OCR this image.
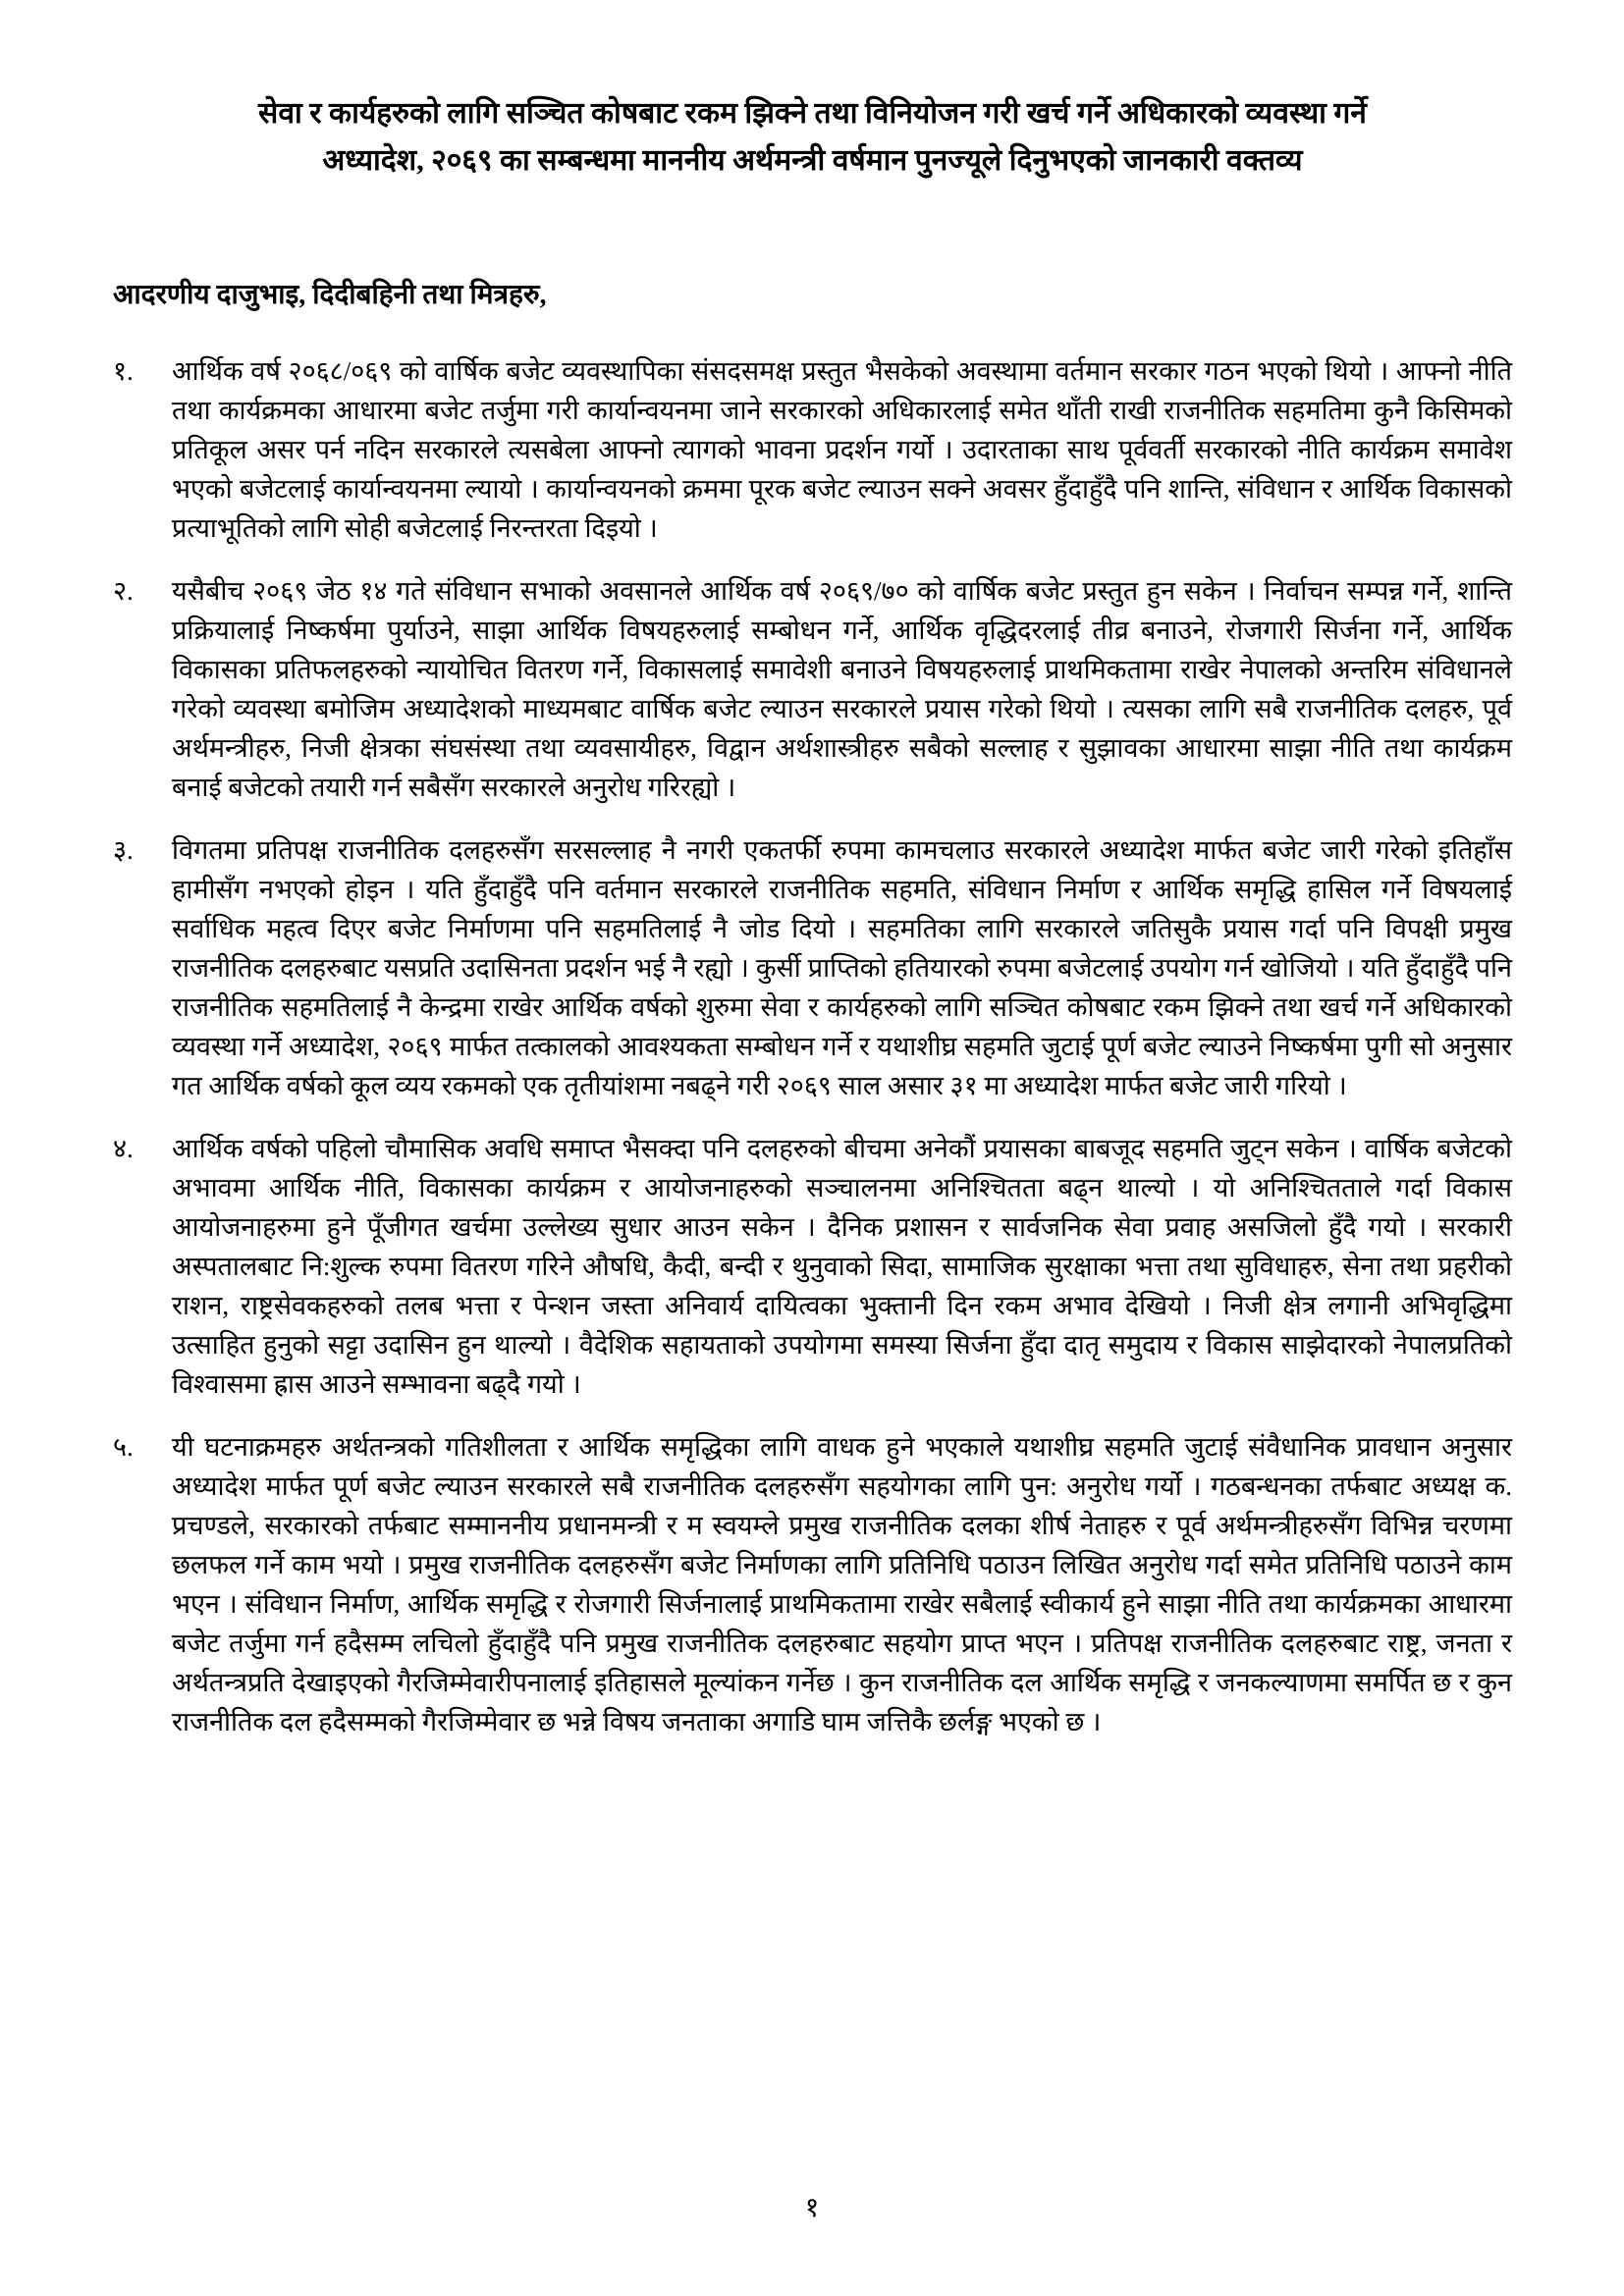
सेवा र कार्यहरुको लागि सञ्चित कोषबाट रकम झिक्ने तथा विनियोजन गरी खर्च गर्ने अधिकारको व्यवस्था गर्ने
अध्यादेश, २०६९ का सम्बन्धमा माननीय अर्थमन्त्री वर्षमान पुनज्यूले दिनुभएको जानकारी वक्तव्य
आदरणीय दाजुभाइ, दिदीबहिनी तथा मित्रहरु,
१.	आर्थिक वर्ष २०६८/०६९ को वार्षिक बजेट व्यवस्थापिका संसदसमक्ष प्रस्तुत भैसकेको अवस्थामा वर्तमान सरकार गठन भएको थियो । आफ्नो नीति तथा कार्यक्रमका आधारमा बजेट तर्जुमा गरी कार्यान्वयनमा जाने सरकारको अधिकारलाई समेत थाँती राखी राजनीतिक सहमतिमा कुनै किसिमको प्रतिकूल असर पर्न नदिन सरकारले त्यसबेला आफ्नो त्यागको भावना प्रदर्शन गर्यो । उदारताका साथ पूर्ववर्ती सरकारको नीति कार्यक्रम समावेश भएको बजेटलाई कार्यान्वयनमा ल्यायो । कार्यान्वयनको क्रममा पूरक बजेट ल्याउन सक्ने अवसर हुँदाहुँदै पनि शान्ति, संविधान र आर्थिक विकासको प्रत्याभूतिको लागि सोही बजेटलाई निरन्तरता दिइयो ।
२.	यसैबीच २०६९ जेठ १४ गते संविधान सभाको अवसानले आर्थिक वर्ष २०६९/७० को वार्षिक बजेट प्रस्तुत हुन सकेन । निर्वाचन सम्पन्न गर्ने, शान्ति प्रक्रियालाई निष्कर्षमा पुर्याउने, साझा आर्थिक विषयहरुलाई सम्बोधन गर्ने, आर्थिक वृद्धिदरलाई तीव्र बनाउने, रोजगारी सिर्जना गर्ने, आर्थिक विकासका प्रतिफलहरुको न्यायोचित वितरण गर्ने, विकासलाई समावेशी बनाउने विषयहरुलाई प्राथमिकतामा राखेर नेपालको अन्तरिम संविधानले गरेको व्यवस्था बमोजिम अध्यादेशको माध्यमबाट वार्षिक बजेट ल्याउन सरकारले प्रयास गरेको थियो । त्यसका लागि सबै राजनीतिक दलहरु, पूर्व अर्थमन्त्रीहरु, निजी क्षेत्रका संघसंस्था तथा व्यवसायीहरु, विद्वान अर्थशास्त्रीहरु सबैको सल्लाह र सुझावका आधारमा साझा नीति तथा कार्यक्रम बनाई बजेटको तयारी गर्न सबैसँग सरकारले अनुरोध गरिरह्यो ।
३.	विगतमा प्रतिपक्ष राजनीतिक दलहरुसँग सरसल्लाह नै नगरी एकतर्फी रुपमा कामचलाउ सरकारले अध्यादेश मार्फत बजेट जारी गरेको इतिहाँस हामीसँग नभएको होइन । यति हुँदाहुँदै पनि वर्तमान सरकारले राजनीतिक सहमति, संविधान निर्माण र आर्थिक समृद्धि हासिल गर्ने विषयलाई सर्वाधिक महत्व दिएर बजेट निर्माणमा पनि सहमतिलाई नै जोड दियो । सहमतिका लागि सरकारले जतिसुकै प्रयास गर्दा पनि विपक्षी प्रमुख राजनीतिक दलहरुबाट यसप्रति उदासिनता प्रदर्शन भई नै रह्यो । कुर्सी प्राप्तिको हतियारको रुपमा बजेटलाई उपयोग गर्न खोजियो । यति हुँदाहुँदै पनि राजनीतिक सहमतिलाई नै केन्द्रमा राखेर आर्थिक वर्षको शुरुमा सेवा र कार्यहरुको लागि सञ्चित कोषबाट रकम झिक्ने तथा खर्च गर्ने अधिकारको व्यवस्था गर्ने अध्यादेश, २०६९ मार्फत तत्कालको आवश्यकता सम्बोधन गर्ने र यथाशीघ्र सहमति जुटाई पूर्ण बजेट ल्याउने निष्कर्षमा पुगी सो अनुसार गत आर्थिक वर्षको कूल व्यय रकमको एक तृतीयांशमा नबढ्ने गरी २०६९ साल असार ३१ मा अध्यादेश मार्फत बजेट जारी गरियो ।
४.	आर्थिक वर्षको पहिलो चौमासिक अवधि समाप्त भैसक्दा पनि दलहरुको बीचमा अनेकौं प्रयासका बाबजूद सहमति जुट्न सकेन । वार्षिक बजेटको अभावमा आर्थिक नीति, विकासका कार्यक्रम र आयोजनाहरुको सञ्चालनमा अनिश्चितता बढ्न थाल्यो । यो अनिश्चितताले गर्दा विकास आयोजनाहरुमा हुने पूँजीगत खर्चमा उल्लेख्य सुधार आउन सकेन । दैनिक प्रशासन र सार्वजनिक सेवा प्रवाह असजिलो हुँदै गयो । सरकारी अस्पतालबाट नि:शुल्क रुपमा वितरण गरिने औषधि, कैदी, बन्दी र थुनुवाको सिदा, सामाजिक सुरक्षाका भत्ता तथा सुविधाहरु, सेना तथा प्रहरीको राशन, राष्ट्रसेवकहरुको तलब भत्ता र पेन्शन जस्ता अनिवार्य दायित्वका भुक्तानी दिन रकम अभाव देखियो । निजी क्षेत्र लगानी अभिवृद्धिमा उत्साहित हुनुको सट्टा उदासिन हुन थाल्यो । वैदेशिक सहायताको उपयोगमा समस्या सिर्जना हुँदा दातृ समुदाय र विकास साझेदारको नेपालप्रतिको विश्वासमा ह्रास आउने सम्भावना बढ्दै गयो ।
५.	यी घटनाक्रमहरु अर्थतन्त्रको गतिशीलता र आर्थिक समृद्धिका लागि वाधक हुने भएकाले यथाशीघ्र सहमति जुटाई संवैधानिक प्रावधान अनुसार अध्यादेश मार्फत पूर्ण बजेट ल्याउन सरकारले सबै राजनीतिक दलहरुसँग सहयोगका लागि पुन: अनुरोध गर्यो । गठबन्धनका तर्फबाट अध्यक्ष क. प्रचण्डले, सरकारको तर्फबाट सम्माननीय प्रधानमन्त्री र म स्वयम्ले प्रमुख राजनीतिक दलका शीर्ष नेताहरु र पूर्व अर्थमन्त्रीहरुसँग विभिन्न चरणमा छलफल गर्ने काम भयो । प्रमुख राजनीतिक दलहरुसँग बजेट निर्माणका लागि प्रतिनिधि पठाउन लिखित अनुरोध गर्दा समेत प्रतिनिधि पठाउने काम भएन । संविधान निर्माण, आर्थिक समृद्धि र रोजगारी सिर्जनालाई प्राथमिकतामा राखेर सबैलाई स्वीकार्य हुने साझा नीति तथा कार्यक्रमका आधारमा बजेट तर्जुमा गर्न हदैसम्म लचिलो हुँदाहुँदै पनि प्रमुख राजनीतिक दलहरुबाट सहयोग प्राप्त भएन । प्रतिपक्ष राजनीतिक दलहरुबाट राष्ट्र, जनता र अर्थतन्त्रप्रति देखाइएको गैरजिम्मेवारीपनालाई इतिहासले मूल्यांकन गर्नेछ । कुन राजनीतिक दल आर्थिक समृद्धि र जनकल्याणमा समर्पित छ र कुन राजनीतिक दल हदैसम्मको गैरजिम्मेवार छ भन्ने विषय जनताका अगाडि घाम जत्तिकै छर्लङ्ग भएको छ ।
१
